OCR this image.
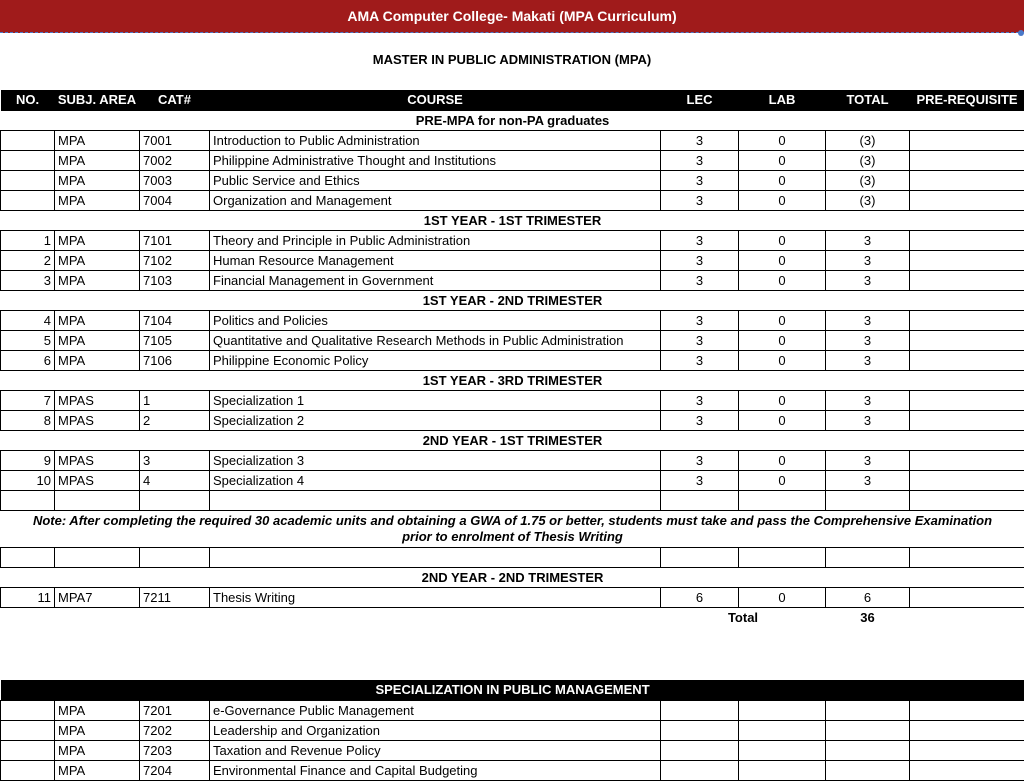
AMA Computer College- Makati (MPA Curriculum)
MASTER IN PUBLIC ADMINISTRATION (MPA)
NO.	SUBJ. AREA	CAT#	COURSE	LEC	LAB	TOTAL	PRE-REQUISITE
PRE-MPA for non-PA graduates							
	MPA	7001	Introduction to Public Administration	3	0	(3)	
	MPA	7002	Philippine Administrative Thought and Institutions	3	0	(3)	
	MPA	7003	Public Service and Ethics	3	0	(3)	
	MPA	7004	Organization and Management	3	0	(3)	
1ST YEAR - 1ST TRIMESTER							
1	MPA	7101	Theory and Principle in Public Administration	3	0	3	
2	MPA	7102	Human Resource Management	3	0	3	
3	MPA	7103	Financial Management in Government	3	0	3	
1ST YEAR - 2ND TRIMESTER							
4	MPA	7104	Politics and Policies	3	0	3	
5	MPA	7105	Quantitative and Qualitative Research Methods in Public Administration	3	0	3	
6	MPA	7106	Philippine Economic Policy	3	0	3	
1ST YEAR - 3RD TRIMESTER							
7	MPAS	1	Specialization 1	3	0	3	
8	MPAS	2	Specialization 2	3	0	3	
2ND YEAR - 1ST TRIMESTER							
9	MPAS	3	Specialization 3	3	0	3	
10	MPAS	4	Specialization 4	3	0	3	

Note: After completing the required 30 academic units and obtaining a GWA of 1.75 or better, students must take and pass the Comprehensive Examination prior to enrolment of Thesis Writing							

2ND YEAR - 2ND TRIMESTER							
11	MPA7	7211	Thesis Writing	6	0	6	
				Total		36	
SPECIALIZATION IN PUBLIC MANAGEMENT							
	MPA	7201	e-Governance Public Management				
	MPA	7202	Leadership and Organization				
	MPA	7203	Taxation and Revenue Policy				
	MPA	7204	Environmental Finance and Capital Budgeting				
